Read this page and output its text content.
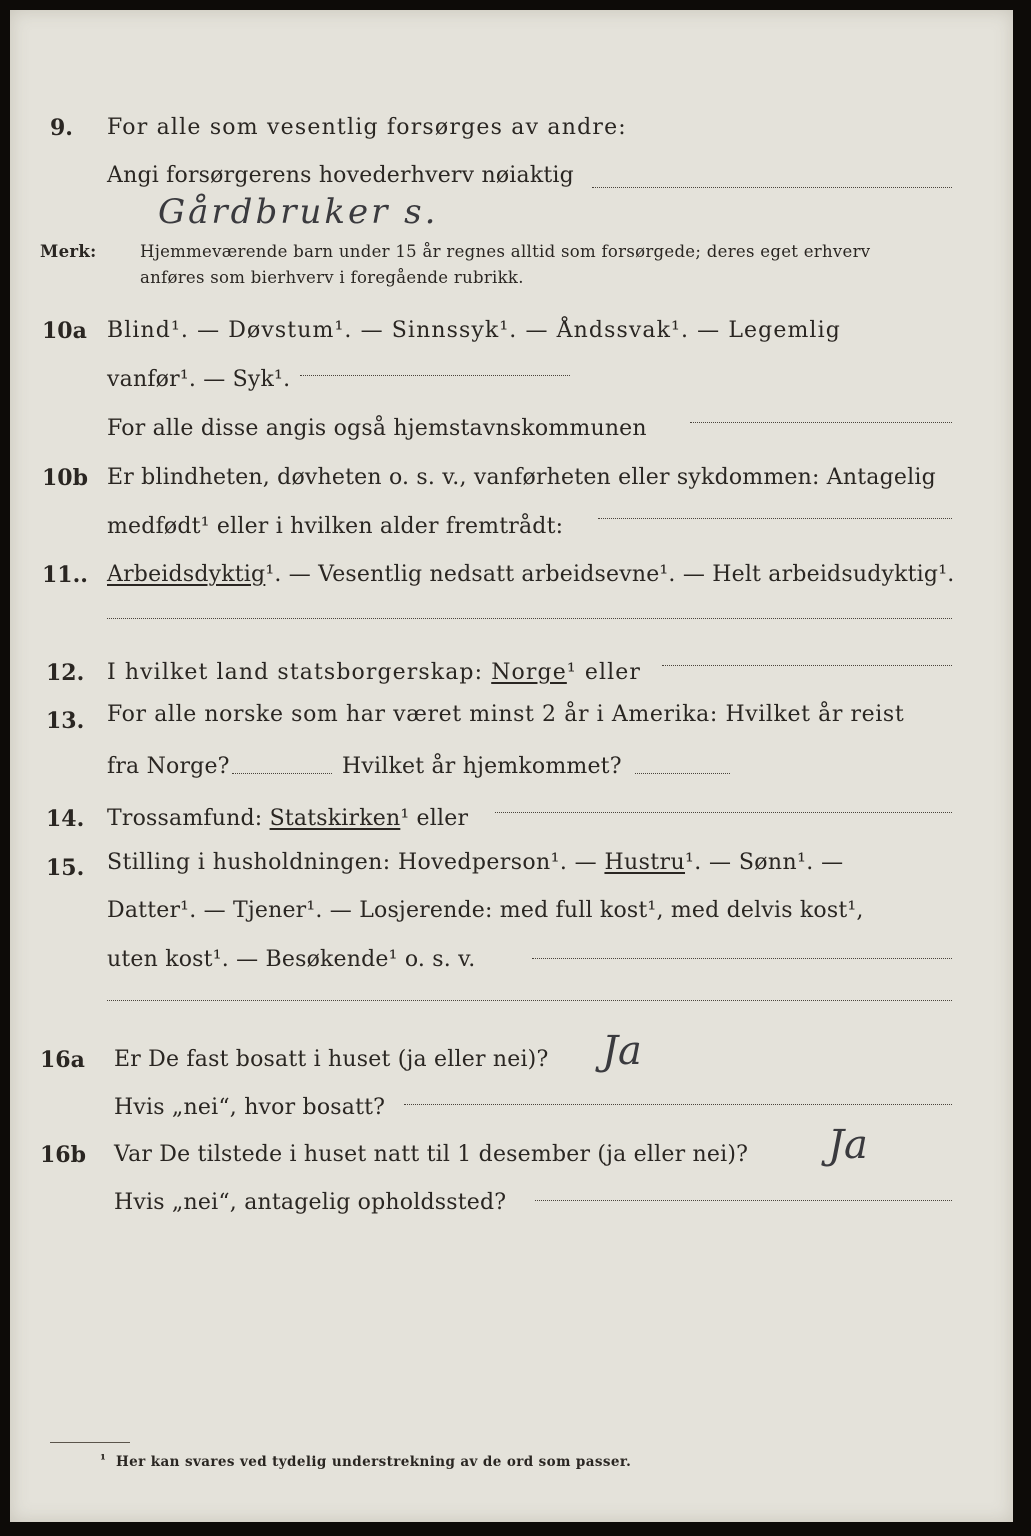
9. For alle som vesentlig forsørges av andre:
Angi forsørgerens hovederhverv nøiaktig
Gårdbruker s.
Merk:	Hjemmeværende barn under 15 år regnes alltid som forsørgede; deres eget erhverv
anføres som bierhverv i foregående rubrikk.
10a Blind¹. — Døvstum¹. — Sinnssyk¹. — Åndssvak¹. — Legemlig
vanfør¹. — Syk¹.
For alle disse angis også hjemstavnskommunen
10b Er blindheten, døvheten o. s. v., vanførheten eller sykdommen: Antagelig
medfødt¹ eller i hvilken alder fremtrådt:
11.. Arbeidsdyktig¹. — Vesentlig nedsatt arbeidsevne¹. — Helt arbeidsudyktig¹.
12. I hvilket land statsborgerskap: Norge¹ eller
13. For alle norske som har været minst 2 år i Amerika: Hvilket år reist
fra Norge?	Hvilket år hjemkommet?
14. Trossamfund: Statskirken¹ eller
15. Stilling i husholdningen: Hovedperson¹. — Hustru¹. — Sønn¹. —
Datter¹. — Tjener¹. — Losjerende: med full kost¹, med delvis kost¹,
uten kost¹. — Besøkende¹ o. s. v.
16a Er De fast bosatt i huset (ja eller nei)? Ja
Hvis „nei“, hvor bosatt?
16b Var De tilstede i huset natt til 1 desember (ja eller nei)? Ja
Hvis „nei“, antagelig opholdssted?
¹ Her kan svares ved tydelig understrekning av de ord som passer.
